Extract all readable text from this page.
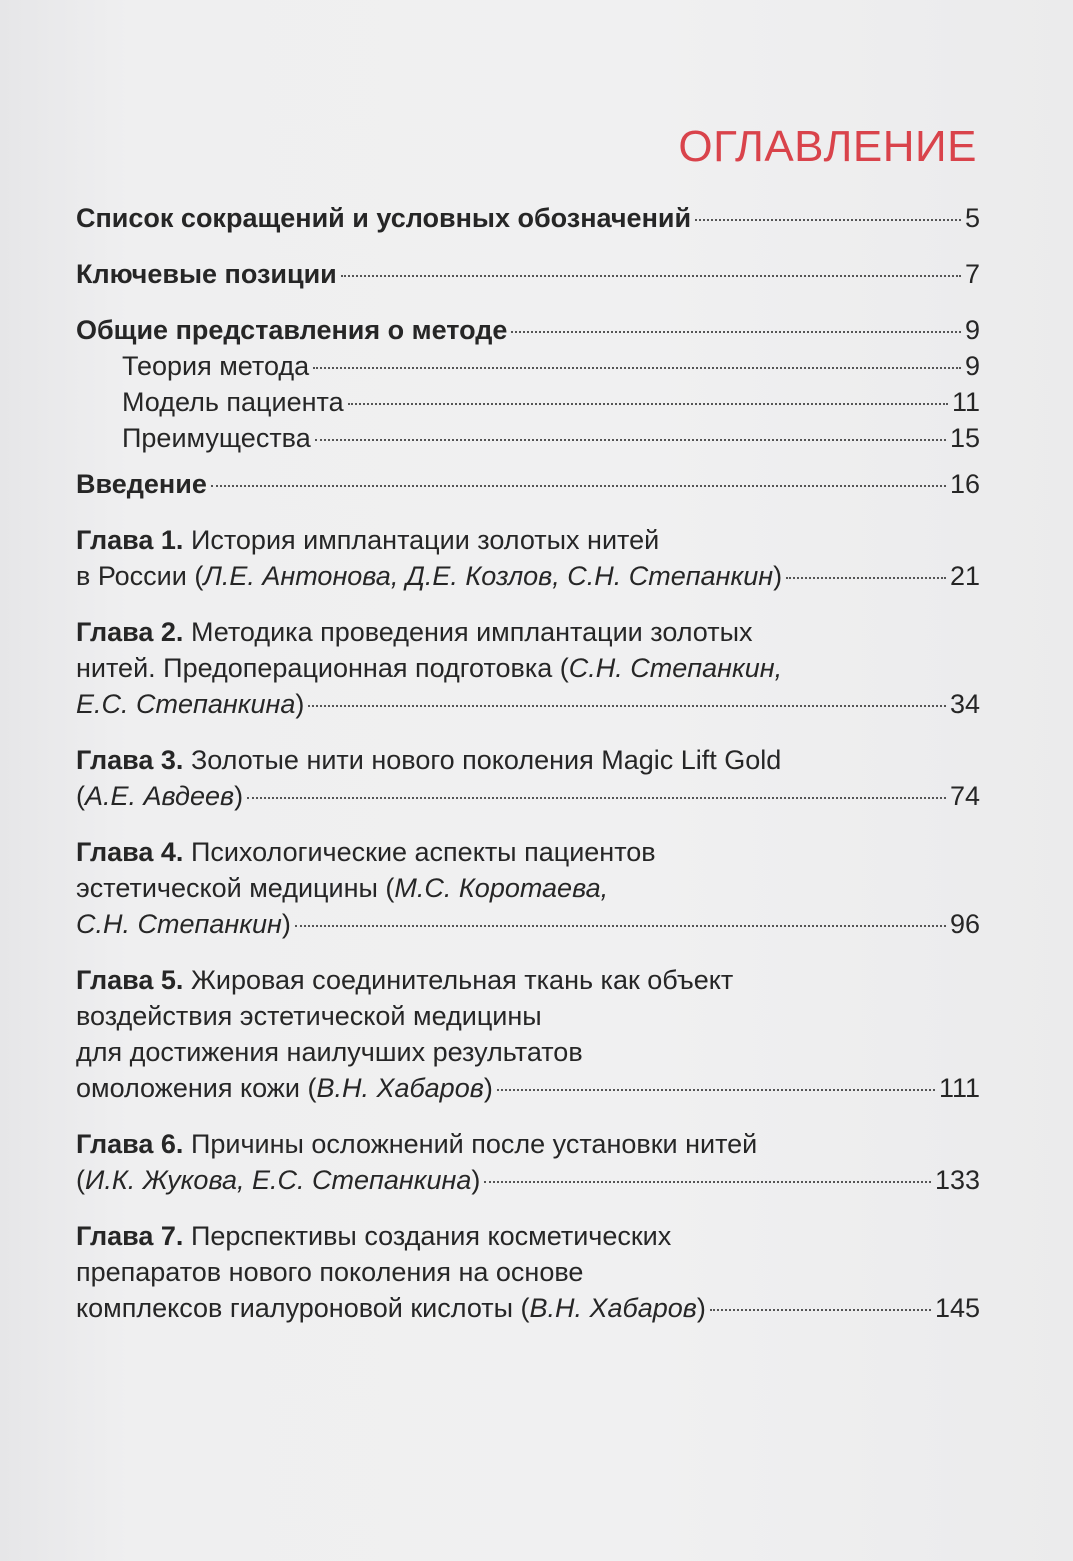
ОГЛАВЛЕНИЕ
Список сокращений и условных обозначений	5
Ключевые позиции	7
Общие представления о методе	9
Теория метода	9
Модель пациента	11
Преимущества	15
Введение	16
Глава 1. История имплантации золотых нитей
в России (Л.Е. Антонова, Д.Е. Козлов, С.Н. Степанкин)	21
Глава 2. Методика проведения имплантации золотых
нитей. Предоперационная подготовка (С.Н. Степанкин,
Е.С. Степанкина)	34
Глава 3. Золотые нити нового поколения Magic Lift Gold
(А.Е. Авдеев)	74
Глава 4. Психологические аспекты пациентов
эстетической медицины (М.С. Коротаева,
С.Н. Степанкин)	96
Глава 5. Жировая соединительная ткань как объект
воздействия эстетической медицины
для достижения наилучших результатов
омоложения кожи (В.Н. Хабаров)	111
Глава 6. Причины осложнений после установки нитей
(И.К. Жукова, Е.С. Степанкина)	133
Глава 7. Перспективы создания косметических
препаратов нового поколения на основе
комплексов гиалуроновой кислоты (В.Н. Хабаров)	145
